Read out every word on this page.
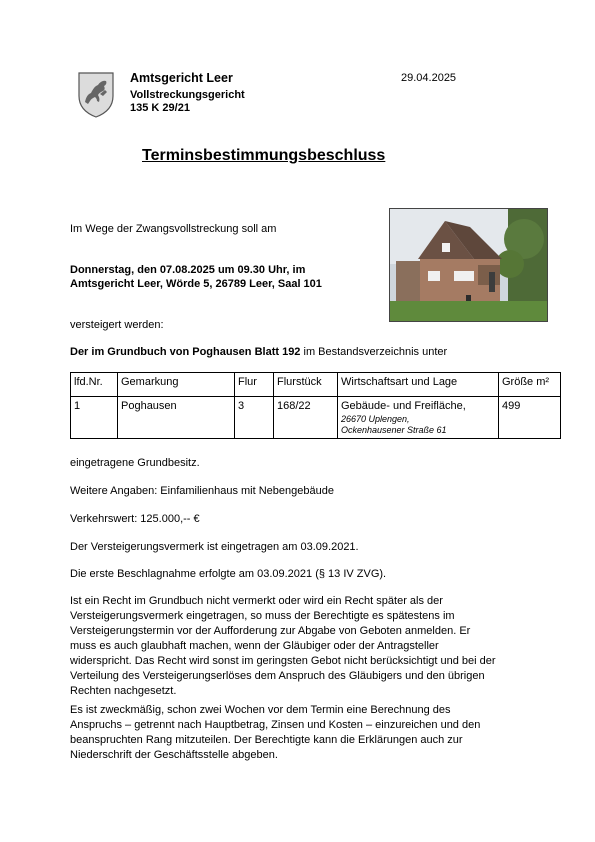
Amtsgericht Leer
Vollstreckungsgericht
135 K 29/21
29.04.2025
Terminsbestimmungsbeschluss
Im Wege der Zwangsvollstreckung soll am
Donnerstag, den 07.08.2025 um 09.30 Uhr, im
Amtsgericht Leer, Wörde 5, 26789 Leer, Saal 101
versteigert werden:
Der im Grundbuch von Poghausen Blatt 192 im Bestandsverzeichnis unter
lfd.Nr.	Gemarkung	Flur	Flurstück	Wirtschaftsart und Lage	Größe m²
1	Poghausen	3	168/22	Gebäude- und Freifläche,
26670 Uplengen,
Ockenhausener Straße 61	499
eingetragene Grundbesitz.
Weitere Angaben: Einfamilienhaus mit Nebengebäude
Verkehrswert: 125.000,-- €
Der Versteigerungsvermerk ist eingetragen am 03.09.2021.
Die erste Beschlagnahme erfolgte am 03.09.2021 (§ 13 IV ZVG).
Ist ein Recht im Grundbuch nicht vermerkt oder wird ein Recht später als der
Versteigerungsvermerk eingetragen, so muss der Berechtigte es spätestens im
Versteigerungstermin vor der Aufforderung zur Abgabe von Geboten anmelden. Er
muss es auch glaubhaft machen, wenn der Gläubiger oder der Antragsteller
widerspricht. Das Recht wird sonst im geringsten Gebot nicht berücksichtigt und bei der
Verteilung des Versteigerungserlöses dem Anspruch des Gläubigers und den übrigen
Rechten nachgesetzt.
Es ist zweckmäßig, schon zwei Wochen vor dem Termin eine Berechnung des
Anspruchs – getrennt nach Hauptbetrag, Zinsen und Kosten – einzureichen und den
beanspruchten Rang mitzuteilen. Der Berechtigte kann die Erklärungen auch zur
Niederschrift der Geschäftsstelle abgeben.
